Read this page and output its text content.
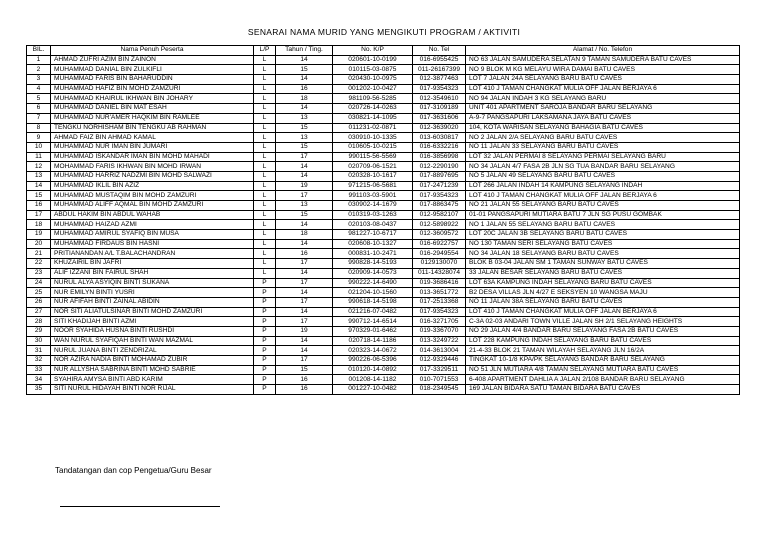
SENARAI NAMA MURID YANG MENGIKUTI PROGRAM / AKTIVITI
BIL.	Nama Penuh Peserta	L/P	Tahun / Ting.	No. K/P	No. Tel	Alamat / No. Telefon
1	AHMAD ZUFRI AZIM BIN ZAINON	L	14	020601-10-0199	016-6955425	NO 63 JALAN SAMUDERA SELATAN 9 TAMAN SAMUDERA BATU CAVES
2	MUHAMMAD DANIAL BIN ZULKIFLI	L	15	010115-03-0875	011-26167399	NO 9 BLOK M KG MELAYU WIRA DAMAI BATU CAVES
3	MUHAMMAD FARIS BIN BAHARUDDIN	L	14	020430-10-0975	012-3877463	LOT 7 JALAN 24A SELAYANG BARU BATU CAVES
4	MUHAMMAD HAFIZ BIN MOHD ZAMZURI	L	16	001202-10-0427	017-9354323	LOT 410 J TAMAN CHANGKAT MULIA OFF JALAN BERJAYA 6
5	MUHAMMAD KHAIRUL IKHWAN BIN JOHARY	L	18	981109-56-5285	012-3549610	NO 94 JALAN INDAH 3 KG SELAYANG BARU
6	MUHAMMAD DANIEL BIN MAT ESAH	L	14	020726-14-0263	017-3109189	UNIT 401 APARTMENT SAROJA BANDAR BARU SELAYANG
7	MUHAMMAD NUR'AMER HAQKIM BIN RAMLEE	L	13	030821-14-1095	017-3631606	A-9-7 PANGSAPURI LAKSAMANA JAYA BATU CAVES
8	TENGKU NORHISHAM BIN TENGKU AB RAHMAN	L	15	011231-02-0871	012-3639020	104, KOTA WARISAN SELAYANG BAHAGIA BATU CAVES
9	AHMAD FAIZ BIN AHMAD KAMAL	L	13	030910-10-1335	013-6030817	NO 2 JALAN 2/A SELAYANG BARU BATU CAVES
10	MUHAMMAD NUR IMAN BIN JUMARI	L	15	010605-10-0215	016-6332216	NO 11 JALAN 33 SELAYANG BARU BATU CAVES
11	MUHAMMAD ISKANDAR IMAN BIN MOHD MAHADI	L	17	990115-56-5569	016-3856998	LOT 32 JALAN PERMAI 8 SELAYANG PERMAI SELAYANG BARU
12	MOHAMMAD FARIS IKHWAN BIN MOHD IRWAN	L	14	020709-06-1521	012-2290190	NO 34 JALAN 4/7 FASA 2B JLN SG TUA BANDAR BARU SELAYANG
13	MUHAMMAD HARRIZ NADZMI BIN MOHD SALWAZI	L	14	020328-10-1617	017-8897695	NO 5 JALAN 49 SELAYANG BARU BATU CAVES
14	MUHAMMAD IKLIL BIN AZIZ	L	19	971215-06-5681	017-2471239	LOT 266 JALAN INDAH 14 KAMPUNG SELAYANG INDAH
15	MUHAMMAD MUSTAQIM BIN MOHD ZAMZURI	L	17	991103-03-5901	017-9354323	LOT 410 J TAMAN CHANGKAT MULIA OFF JALAN BERJAYA 6
16	MUHAMMAD ALIFF AQMAL BIN MOHD ZAMZURI	L	13	030902-14-1679	017-8863475	NO 21 JALAN 55 SELAYANG BARU BATU CAVES
17	ABDUL HAKIM BIN ABDUL WAHAB	L	15	010319-03-1263	012-9582107	01-01 PANGSAPURI MUTIARA BATU 7 JLN SG PUSU GOMBAK
18	MUHAMMAD HAIZAD AZMI	L	14	020103-08-0437	012-5898922	NO 1 JALAN 55 SELAYANG BARU BATU CAVES
19	MUHAMMAD AMIRUL SYAFIQ BIN MUSA	L	18	981227-10-6717	012-3609572	LOT 20C JALAN 3B SELAYANG BARU BATU CAVES
20	MUHAMMAD FIRDAUS BIN HASNI	L	14	020608-10-1327	016-6922757	NO 130 TAMAN SERI SELAYANG BATU CAVES
21	PRITIANANDAN A/L T.BALACHANDRAN	L	16	000831-10-2471	016-2949554	NO 34 JALAN 18 SELAYANG BARU BATU CAVES
22	KHUZAIRIL BIN JAFRI	L	17	990828-14-5193	0129130070	BLOK B 03-04 JALAN SM 1 TAMAN SUNWAY BATU CAVES
23	ALIF IZZANI BIN FAIRUL SHAH	L	14	020909-14-0573	011-14328074	33 JALAN BESAR SELAYANG BARU BATU CAVES
24	NURUL ALYA ASYIQIN BINTI SUKANA	P	17	990222-14-6490	019-3686416	LOT 63A KAMPUNG INDAH SELAYANG BARU BATU CAVES
25	NUR EMILYN BINTI YUSRI	P	14	021204-10-1560	013-3651772	B2 DESA VILLAS JLN 4/27 E SEKSYEN 10 WANGSA MAJU
26	NUR AFIFAH BINTI ZAINAL ABIDIN	P	17	990618-14-5198	017-2513368	NO 11 JALAN 38A SELAYANG BARU BATU CAVES
27	NOR SITI ALIATULSINAR BINTI MOHD ZAMZURI	P	14	021216-07-0482	017-9354323	LOT 410 J TAMAN CHANGKAT MULIA OFF JALAN BERJAYA 6
28	SITI KHADIJAH BINTI AZMI	P	17	990712-14-6514	016-3271705	C-3A 02-03 ANDARI TOWN VILLE JALAN SH 2/1 SELAYANG HEIGHTS
29	NOOR SYAHIDA HUSNA BINTI RUSHDI	P	19	970329-01-6462	019-3367070	NO 29 JALAN 4/4 BANDAR BARU SELAYANG FASA 2B BATU CAVES
30	WAN NURUL SYAFIQAH BINTI WAN MAZMAL	P	14	020718-14-1186	013-3249722	LOT 228 KAMPUNG INDAH SELAYANG BARU BATU CAVES
31	NURUL JUANA BINTI ZENDRIZAL	P	14	020323-14-0672	014-3613004	21-4-33 BLOK 21 TAMAN WILAYAH SELAYANG JLN 16/2A
32	NOR AZIRA NADIA BINTI MOHAMAD ZUBIR	P	17	990226-06-5396	012-9329446	TINGKAT 10-1/8 KPA/PK SELAYANG BANDAR BARU SELAYANG
33	NUR ALLYSHA SABRINA BINTI MOHD SABRIE	P	15	010120-14-0892	017-3329511	NO 51 JLN MUTIARA 4/8 TAMAN SELAYANG MUTIARA BATU CAVES
34	SYAHIRA AMYSA BINTI ABD KARIM	P	16	001208-14-1182	010-7071553	6-408 APARTMENT DAHLIA A JALAN 2/108 BANDAR BARU SELAYANG
35	SITI NURUL HIDAYAH BINTI NOR RIJAL	P	16	001227-10-0482	018-2349545	169 JALAN BIDARA SATU TAMAN BIDARA BATU CAVES
Tandatangan dan cop Pengetua/Guru Besar
